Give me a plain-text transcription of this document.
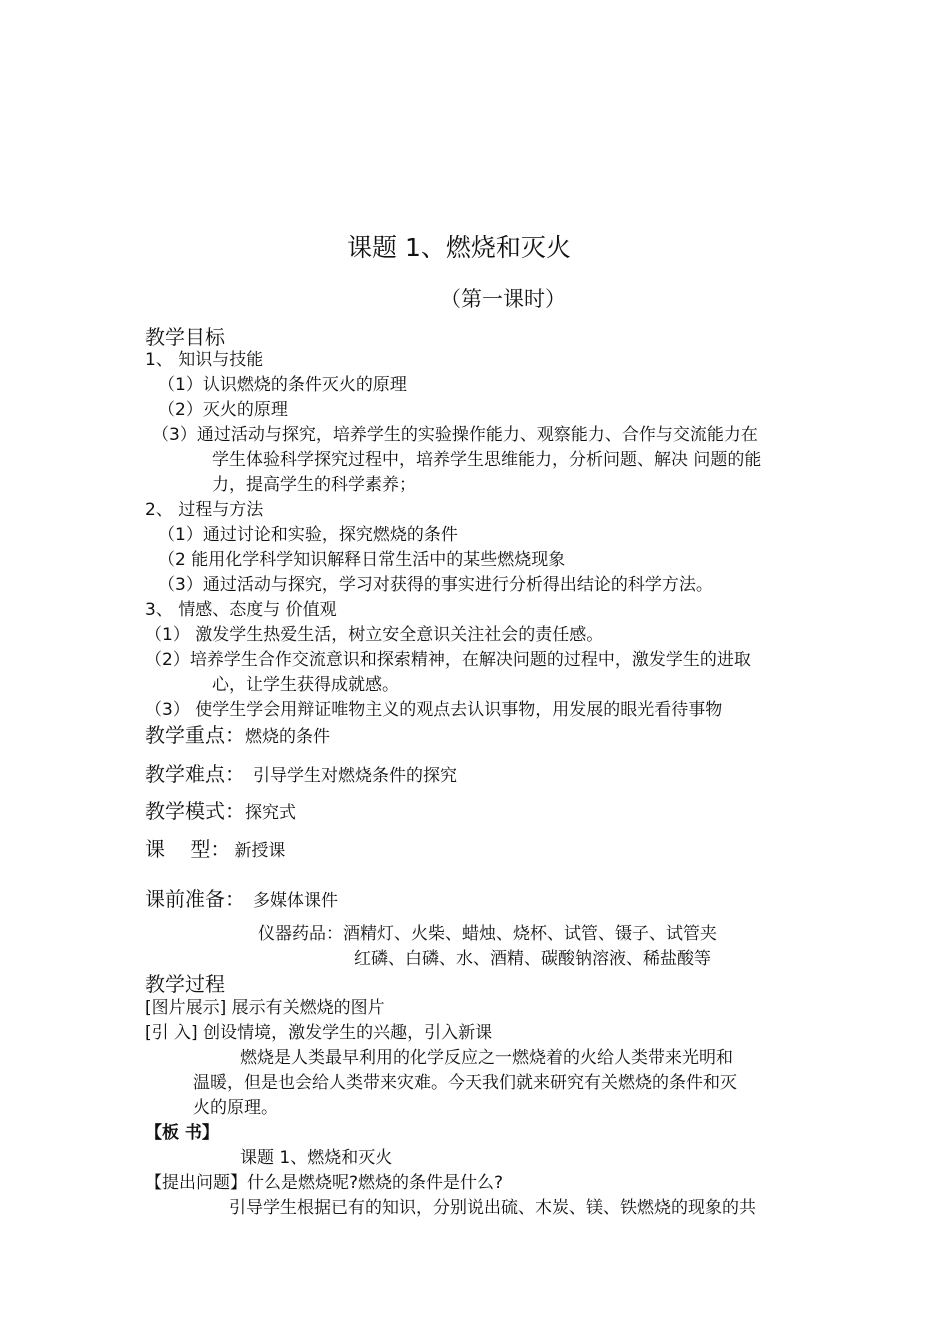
课题 1、燃烧和灭火
（第一课时）
教学目标
1、 知识与技能
（1）认识燃烧的条件灭火的原理
（2）灭火的原理
（3）通过活动与探究，培养学生的实验操作能力、观察能力、合作与交流能力在
学生体验科学探究过程中，培养学生思维能力，分析问题、解决 问题的能
力，提高学生的科学素养；
2、 过程与方法
（1）通过讨论和实验，探究燃烧的条件
（2 能用化学科学知识解释日常生活中的某些燃烧现象
（3）通过活动与探究，学习对获得的事实进行分析得出结论的科学方法。
3、 情感、态度与 价值观
（1） 激发学生热爱生活，树立安全意识关注社会的责任感。
（2）培养学生合作交流意识和探索精神，在解决问题的过程中，激发学生的进取
心，让学生获得成就感。
（3） 使学生学会用辩证唯物主义的观点去认识事物，用发展的眼光看待事物
教学重点：燃烧的条件
教学难点： 引导学生对燃烧条件的探究
教学模式：探究式
课    型： 新授课
课前准备： 多媒体课件
仪器药品：酒精灯、火柴、蜡烛、烧杯、试管、镊子、试管夹
红磷、白磷、水、酒精、碳酸钠溶液、稀盐酸等
教学过程
[图片展示] 展示有关燃烧的图片
[引 入] 创设情境，激发学生的兴趣，引入新课
燃烧是人类最早利用的化学反应之一燃烧着的火给人类带来光明和
温暖，但是也会给人类带来灾难。今天我们就来研究有关燃烧的条件和灭
火的原理。
【板 书】
课题 1、燃烧和灭火
【提出问题】什么是燃烧呢?燃烧的条件是什么?
引导学生根据已有的知识，分别说出硫、木炭、镁、铁燃烧的现象的共
